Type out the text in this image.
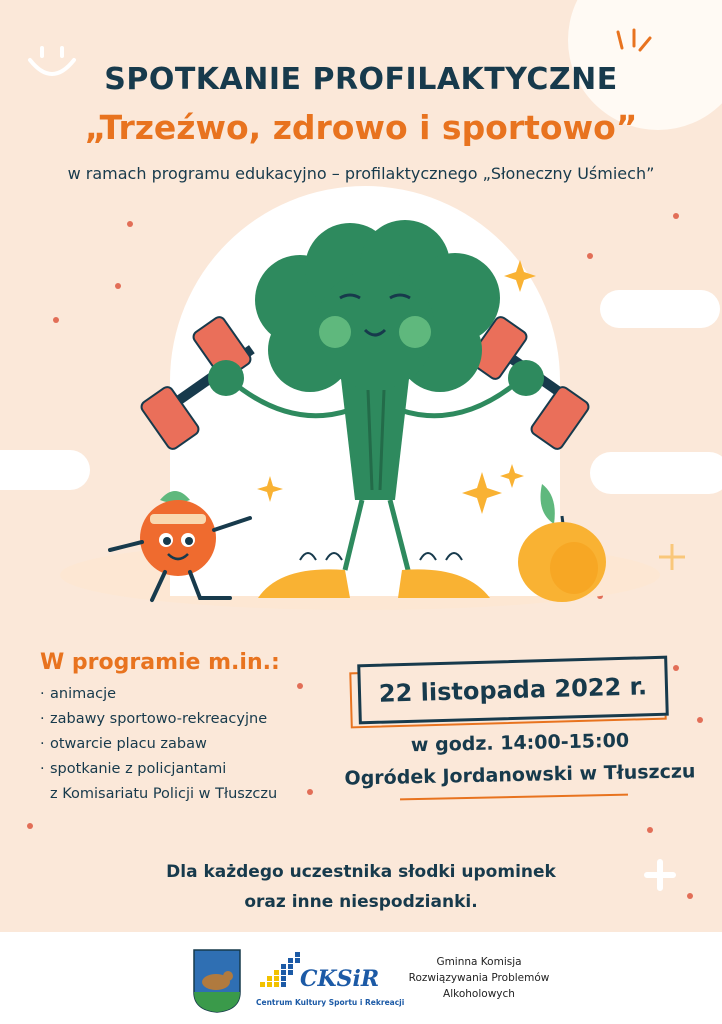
SPOTKANIE PROFILAKTYCZNE
„Trzeźwo, zdrowo i sportowo”
w ramach programu edukacyjno – profilaktycznego „Słoneczny Uśmiech”
W programie m.in.:
· animacje
· zabawy sportowo-rekreacyjne
· otwarcie placu zabaw
· spotkanie z policjantami
z Komisariatu Policji w Tłuszczu
22 listopada 2022 r.
w godz. 14:00-15:00
Ogródek Jordanowski w Tłuszczu
Dla każdego uczestnika słodki upominek
oraz inne niespodzianki.
CKSiR
Centrum Kultury Sportu i Rekreacji
Gminna Komisja
Rozwiązywania Problemów
Alkoholowych
